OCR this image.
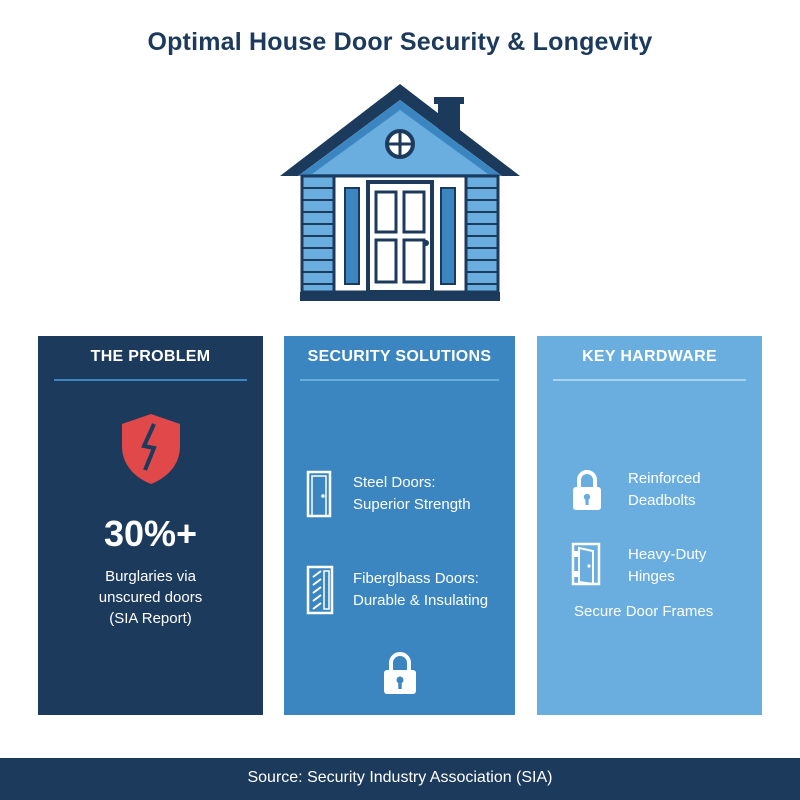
Optimal House Door Security & Longevity
THE PROBLEM
30%+
Burglaries via
unscured doors
(SIA Report)
SECURITY SOLUTIONS
Steel Doors:
Superior Strength
Fiberglbass Doors:
Durable & Insulating
KEY HARDWARE
Reinforced
Deadbolts
Heavy-Duty
Hinges
Secure Door Frames
Source: Security Industry Association (SIA)
